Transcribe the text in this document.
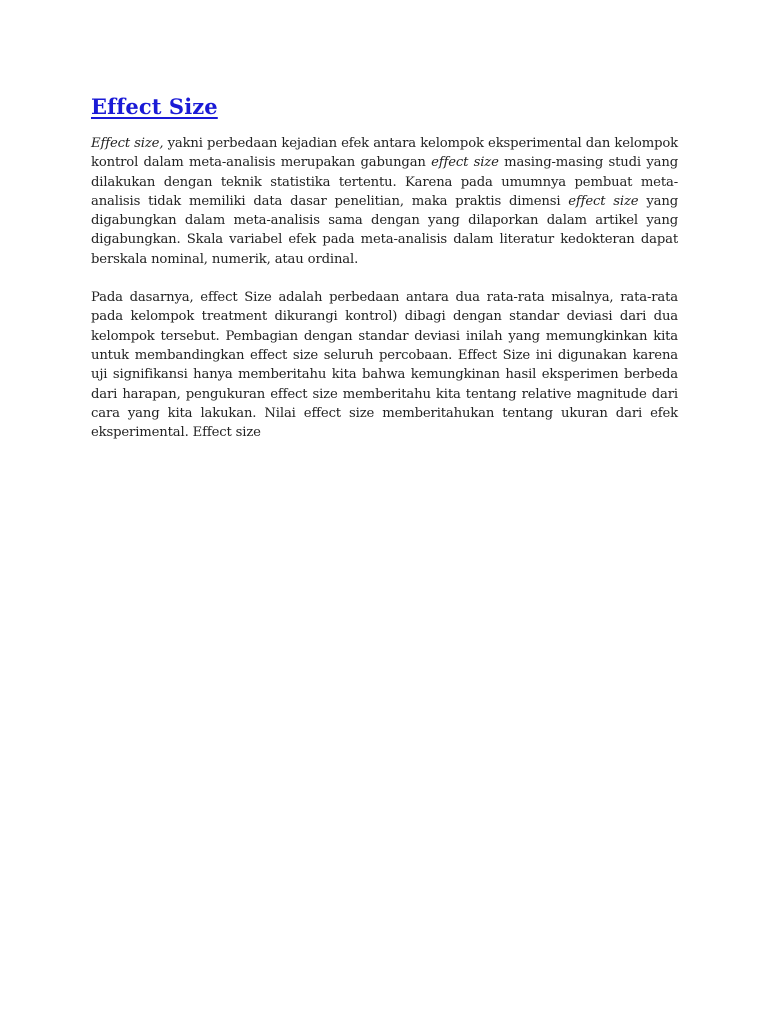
Effect Size

Effect size, yakni perbedaan kejadian efek antara kelompok eksperimental dan kelompok kontrol dalam meta-analisis merupakan gabungan effect size masing-masing studi yang dilakukan dengan teknik statistika tertentu. Karena pada umumnya pembuat meta-analisis tidak memiliki data dasar penelitian, maka praktis dimensi effect size yang digabungkan dalam meta-analisis sama dengan yang dilaporkan dalam artikel yang digabungkan. Skala variabel efek pada meta-analisis dalam literatur kedokteran dapat berskala nominal, numerik, atau ordinal.

Pada dasarnya, effect Size adalah perbedaan antara dua rata-rata misalnya, rata-rata pada kelompok treatment dikurangi kontrol) dibagi dengan standar deviasi dari dua kelompok tersebut. Pembagian dengan standar deviasi inilah yang memungkinkan kita untuk membandingkan effect size seluruh percobaan. Effect Size ini digunakan karena uji signifikansi hanya memberitahu kita bahwa kemungkinan hasil eksperimen berbeda dari harapan, pengukuran effect size memberitahu kita tentang relative magnitude dari cara yang kita lakukan. Nilai effect size memberitahukan tentang ukuran dari efek eksperimental. Effect size
